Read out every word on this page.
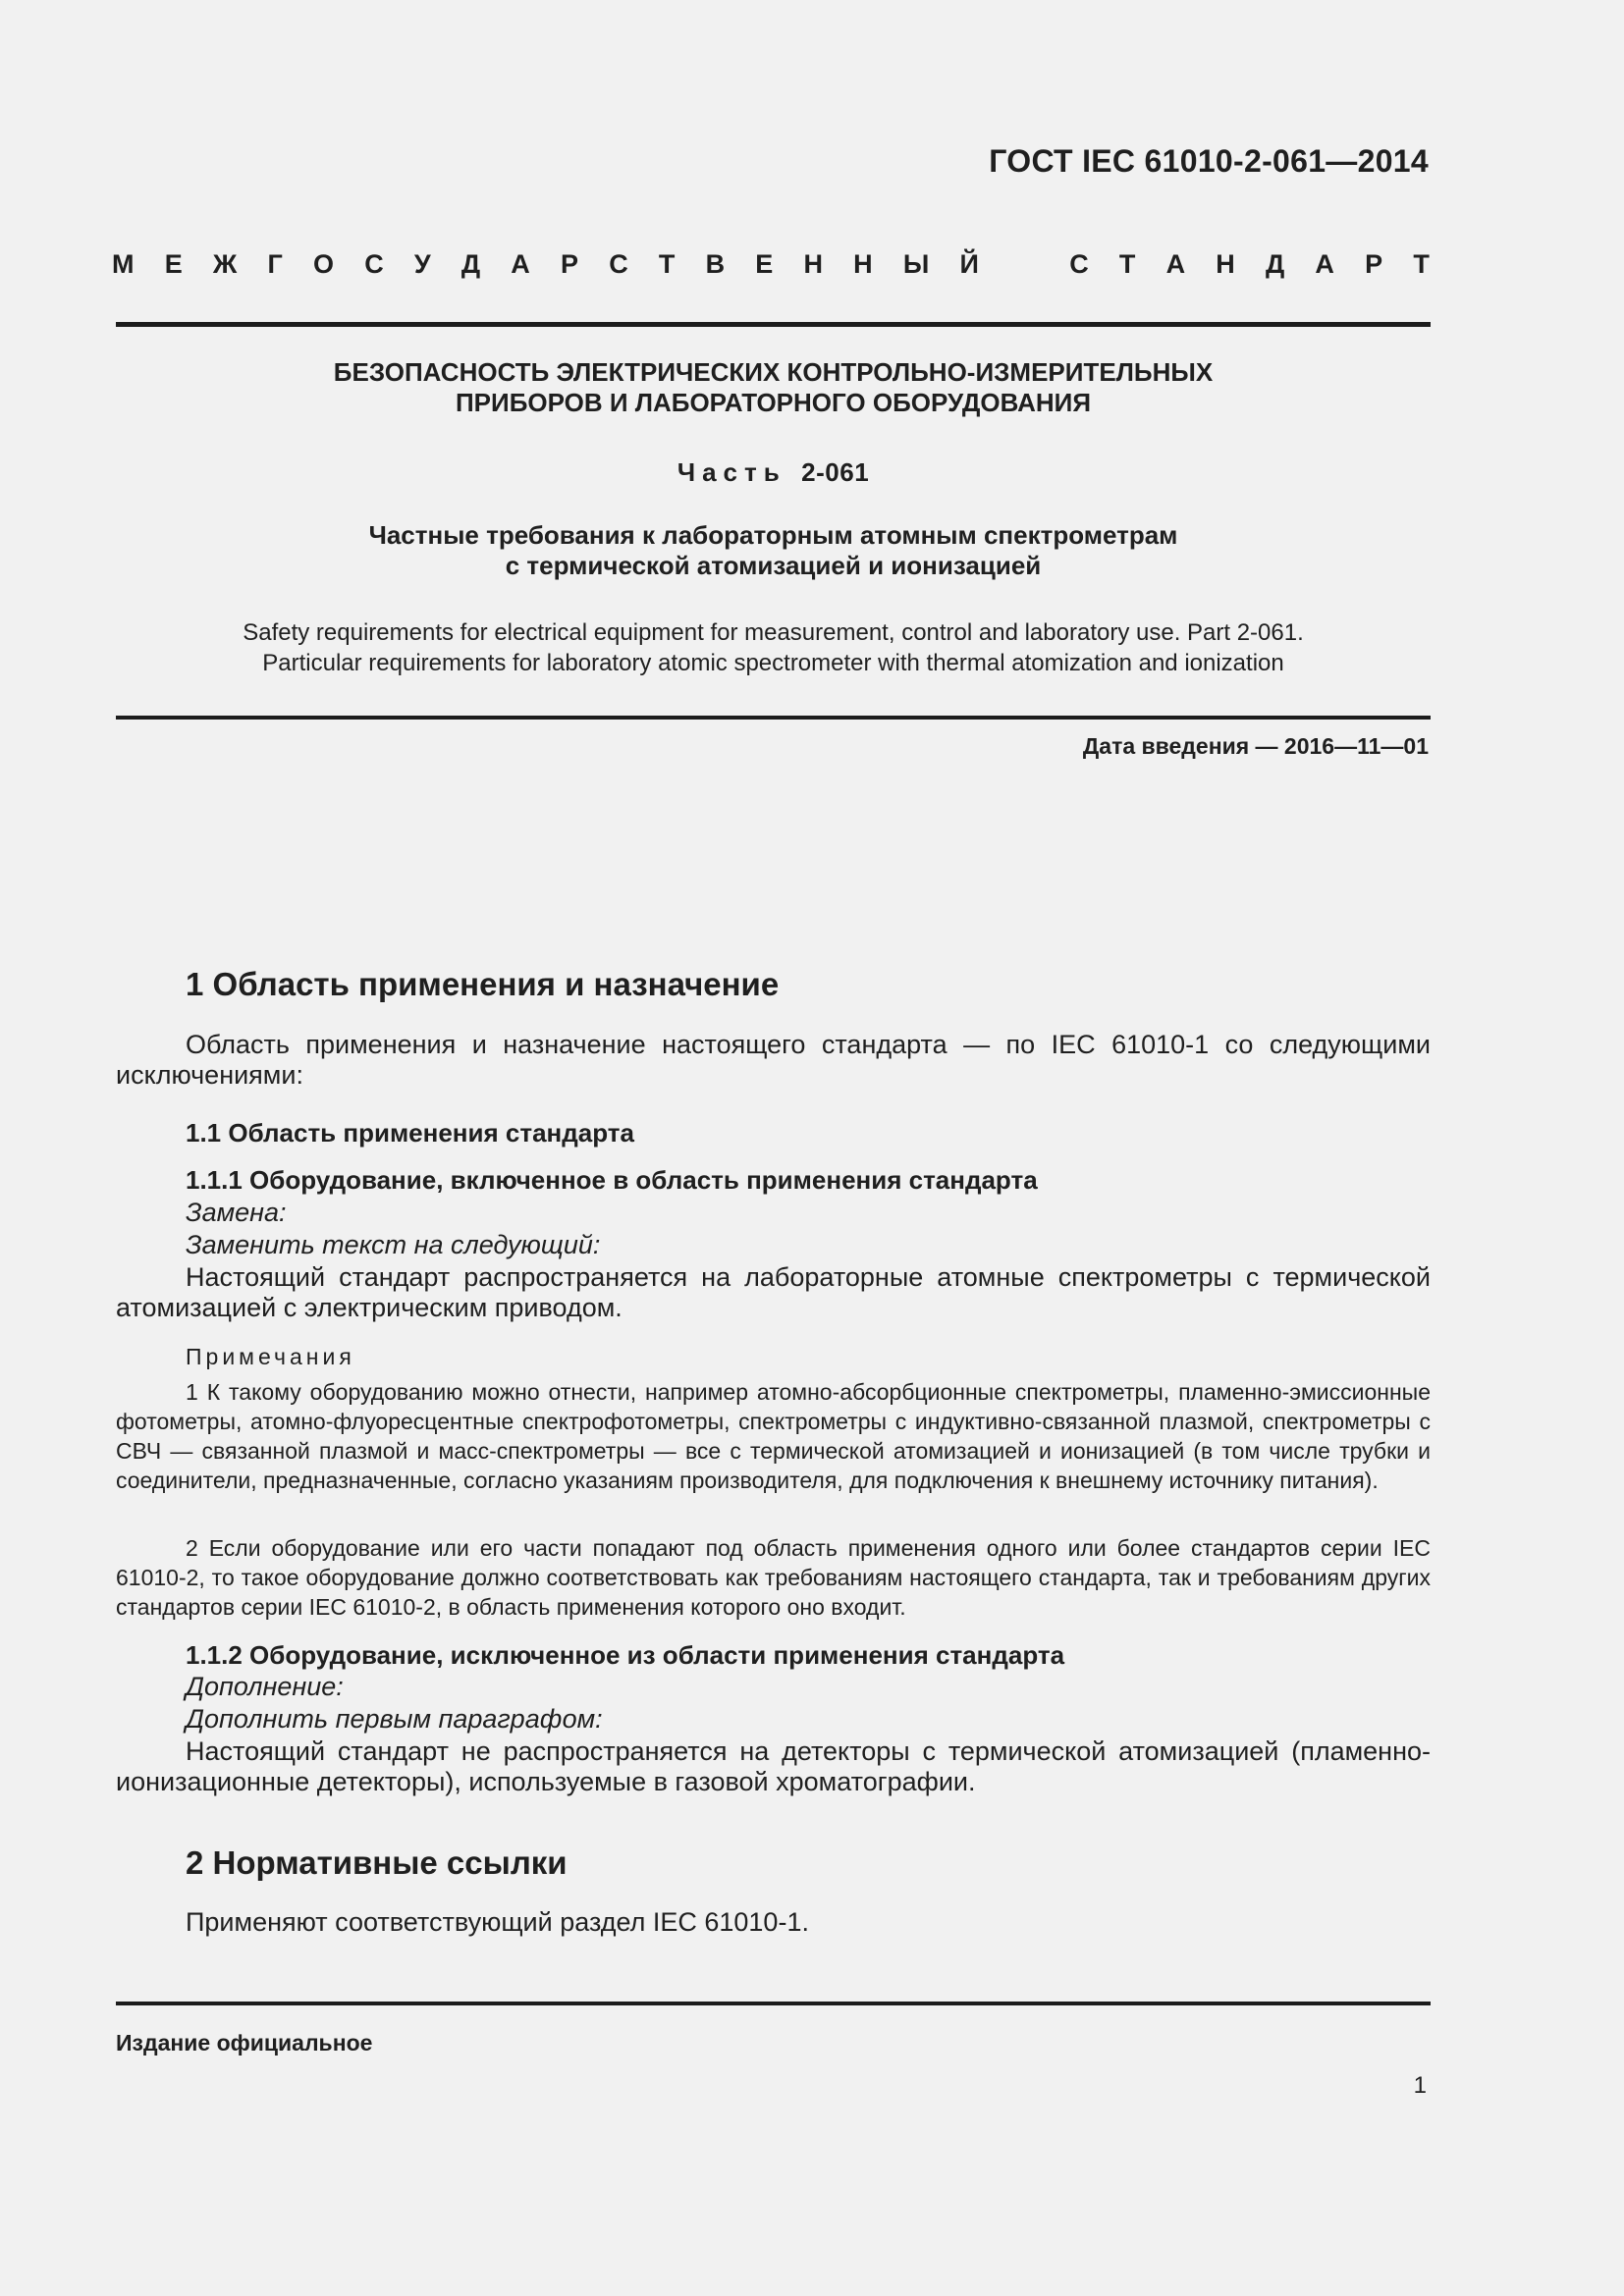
ГОСТ IEC 61010-2-061—2014
М Е Ж Г О С У Д А Р С Т В Е Н Н Ы Й	С Т А Н Д А Р Т
БЕЗОПАСНОСТЬ ЭЛЕКТРИЧЕСКИХ КОНТРОЛЬНО-ИЗМЕРИТЕЛЬНЫХ
ПРИБОРОВ И ЛАБОРАТОРНОГО ОБОРУДОВАНИЯ
Часть 2-061
Частные требования к лабораторным атомным спектрометрам
с термической атомизацией и ионизацией
Safety requirements for electrical equipment for measurement, control and laboratory use. Part 2-061.
Particular requirements for laboratory atomic spectrometer with thermal atomization and ionization
Дата введения — 2016—11—01
1 Область применения и назначение
Область применения и назначение настоящего стандарта — по IEC 61010-1 со следующими исключениями:
1.1 Область применения стандарта
1.1.1 Оборудование, включенное в область применения стандарта
Замена:
Заменить текст на следующий:
Настоящий стандарт распространяется на лабораторные атомные спектрометры с термической атомизацией с электрическим приводом.
Примечания
1 К такому оборудованию можно отнести, например атомно-абсорбционные спектрометры, пламенно-эмиссионные фотометры, атомно-флуоресцентные спектрофотометры, спектрометры с индуктивно-связанной плазмой, спектрометры с СВЧ — связанной плазмой и масс-спектрометры — все с термической атомизацией и ионизацией (в том числе трубки и соединители, предназначенные, согласно указаниям производителя, для подключения к внешнему источнику питания).
2 Если оборудование или его части попадают под область применения одного или более стандартов серии IEC 61010-2, то такое оборудование должно соответствовать как требованиям настоящего стандарта, так и требованиям других стандартов серии IEC 61010-2, в область применения которого оно входит.
1.1.2 Оборудование, исключенное из области применения стандарта
Дополнение:
Дополнить первым параграфом:
Настоящий стандарт не распространяется на детекторы с термической атомизацией (пламенно-ионизационные детекторы), используемые в газовой хроматографии.
2 Нормативные ссылки
Применяют соответствующий раздел IEC 61010-1.
Издание официальное
1
